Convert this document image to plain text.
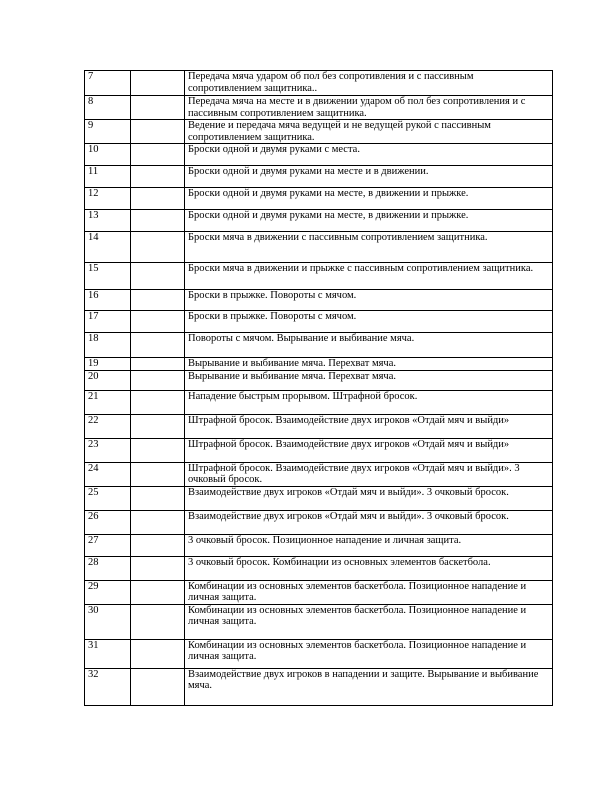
7		Передача мяча ударом об пол без сопротивления и с пассивным сопротивлением защитника..
8		Передача мяча на месте и в движении ударом об пол без сопротивления и с пассивным сопротивлением защитника.
9		Ведение и передача мяча ведущей и не ведущей рукой с пассивным сопротивлением защитника.
10		Броски одной и двумя руками с места.
11		Броски одной и двумя руками на месте и в движении.
12		Броски одной и двумя руками на месте, в движении и прыжке.
13		Броски одной и двумя руками на месте, в движении и прыжке.
14		Броски мяча в движении с пассивным сопротивлением защитника.
15		Броски мяча в движении и прыжке с пассивным сопротивлением защитника.
16		Броски в прыжке. Повороты с мячом.
17		Броски в прыжке. Повороты с мячом.
18		Повороты с мячом. Вырывание и выбивание мяча.
19		Вырывание и выбивание мяча. Перехват мяча.
20		Вырывание и выбивание мяча. Перехват мяча.
21		Нападение быстрым прорывом. Штрафной бросок.
22		Штрафной бросок. Взаимодействие двух игроков «Отдай мяч и выйди»
23		Штрафной бросок. Взаимодействие двух игроков «Отдай мяч и выйди»
24		Штрафной бросок. Взаимодействие двух игроков «Отдай мяч и выйди». 3 очковый бросок.
25		Взаимодействие двух игроков «Отдай мяч и выйди». 3 очковый бросок.
26		Взаимодействие двух игроков «Отдай мяч и выйди». 3 очковый бросок.
27		3 очковый бросок. Позиционное нападение и личная защита.
28		3 очковый бросок. Комбинации из основных элементов баскетбола.
29		Комбинации из основных элементов баскетбола. Позиционное нападение и личная защита.
30		Комбинации из основных элементов баскетбола. Позиционное нападение и личная защита.
31		Комбинации из основных элементов баскетбола. Позиционное нападение и личная защита.
32		Взаимодействие двух игроков в нападении и защите. Вырывание и выбивание мяча.
